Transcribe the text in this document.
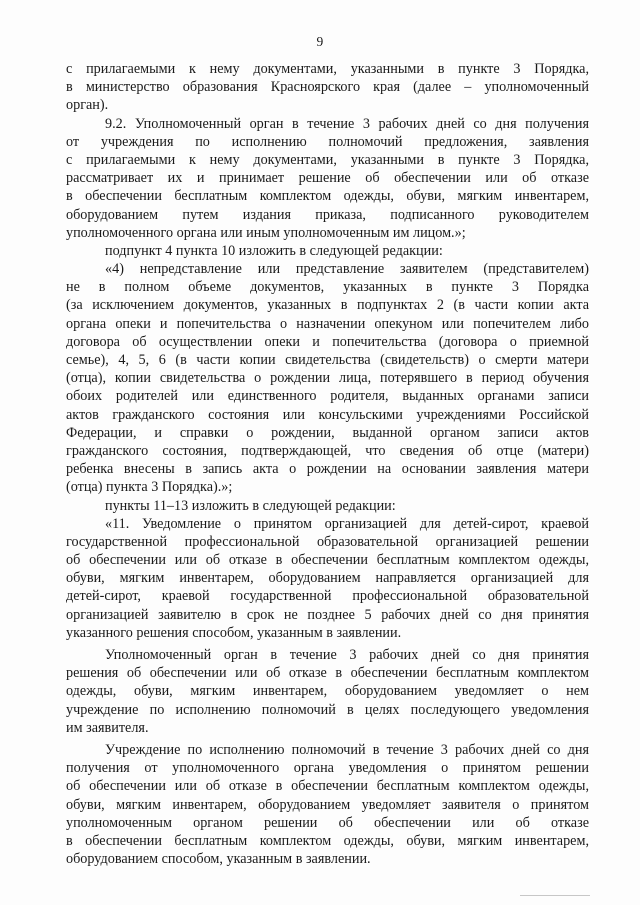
9
с прилагаемыми к нему документами, указанными в пункте 3 Порядка,
в министерство образования Красноярского края (далее – уполномоченный
орган).
9.2. Уполномоченный орган в течение 3 рабочих дней со дня получения
от учреждения по исполнению полномочий предложения, заявления
с прилагаемыми к нему документами, указанными в пункте 3 Порядка,
рассматривает их и принимает решение об обеспечении или об отказе
в обеспечении бесплатным комплектом одежды, обуви, мягким инвентарем,
оборудованием путем издания приказа, подписанного руководителем
уполномоченного органа или иным уполномоченным им лицом.»;
подпункт 4 пункта 10 изложить в следующей редакции:
«4) непредставление или представление заявителем (представителем)
не в полном объеме документов, указанных в пункте 3 Порядка
(за исключением документов, указанных в подпунктах 2 (в части копии акта
органа опеки и попечительства о назначении опекуном или попечителем либо
договора об осуществлении опеки и попечительства (договора о приемной
семье), 4, 5, 6 (в части копии свидетельства (свидетельств) о смерти матери
(отца), копии свидетельства о рождении лица, потерявшего в период обучения
обоих родителей или единственного родителя, выданных органами записи
актов гражданского состояния или консульскими учреждениями Российской
Федерации, и справки о рождении, выданной органом записи актов
гражданского состояния, подтверждающей, что сведения об отце (матери)
ребенка внесены в запись акта о рождении на основании заявления матери
(отца) пункта 3 Порядка).»;
пункты 11–13 изложить в следующей редакции:
«11. Уведомление о принятом организацией для детей-сирот, краевой
государственной профессиональной образовательной организацией решении
об обеспечении или об отказе в обеспечении бесплатным комплектом одежды,
обуви, мягким инвентарем, оборудованием направляется организацией для
детей-сирот, краевой государственной профессиональной образовательной
организацией заявителю в срок не позднее 5 рабочих дней со дня принятия
указанного решения способом, указанным в заявлении.
Уполномоченный орган в течение 3 рабочих дней со дня принятия
решения об обеспечении или об отказе в обеспечении бесплатным комплектом
одежды, обуви, мягким инвентарем, оборудованием уведомляет о нем
учреждение по исполнению полномочий в целях последующего уведомления
им заявителя.
Учреждение по исполнению полномочий в течение 3 рабочих дней со дня
получения от уполномоченного органа уведомления о принятом решении
об обеспечении или об отказе в обеспечении бесплатным комплектом одежды,
обуви, мягким инвентарем, оборудованием уведомляет заявителя о принятом
уполномоченным органом решении об обеспечении или об отказе
в обеспечении бесплатным комплектом одежды, обуви, мягким инвентарем,
оборудованием способом, указанным в заявлении.
